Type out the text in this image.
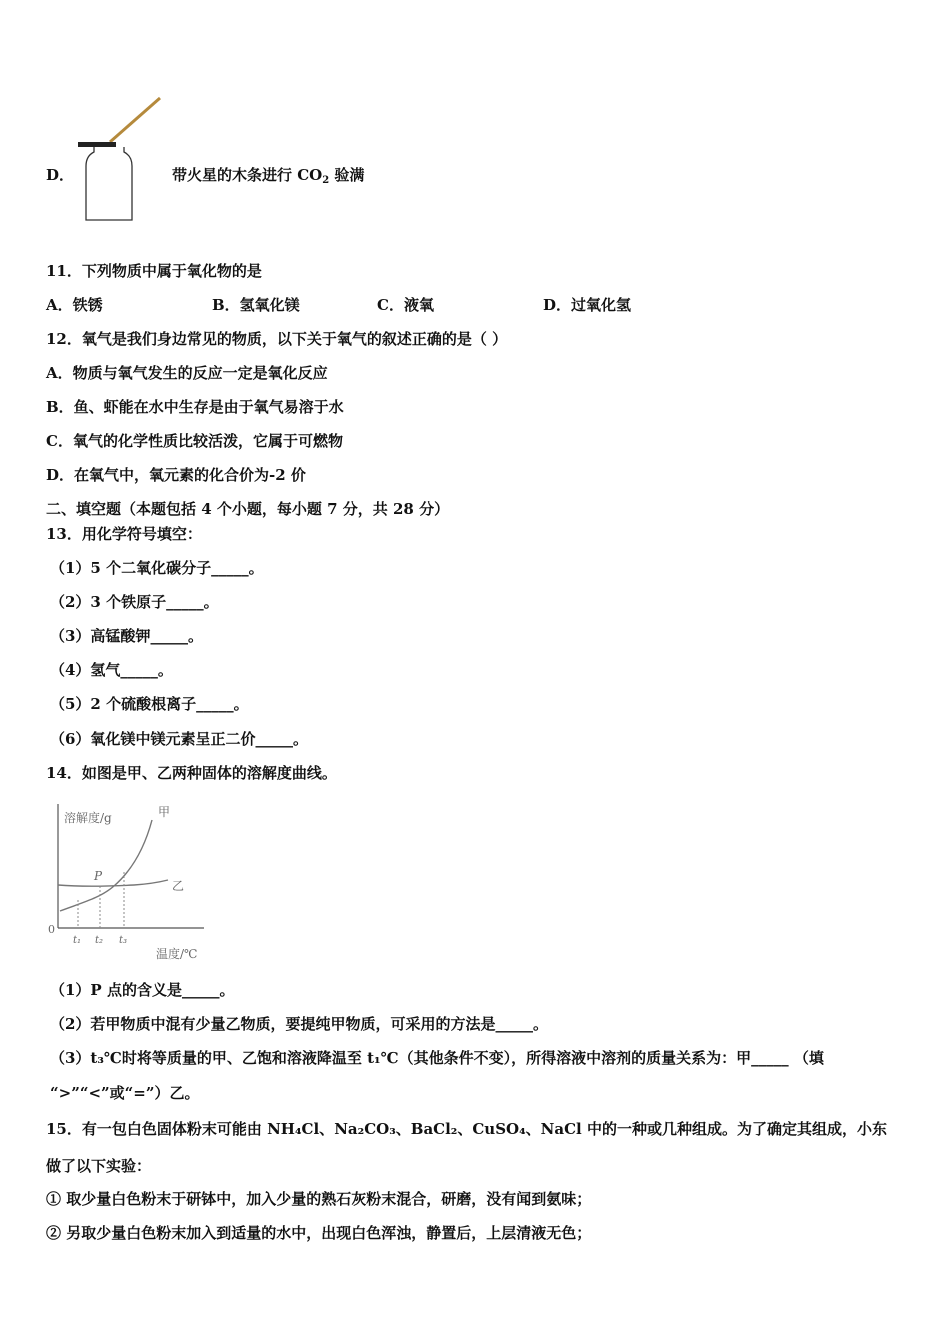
D．	带火星的木条进行 $CO_2$ 验满
11．下列物质中属于氧化物的是
A．铁锈	B．氢氧化镁	C．液氧	D．过氧化氢
12．氧气是我们身边常见的物质，以下关于氧气的叙述正确的是（ ）
A．物质与氧气发生的反应一定是氧化反应
B．鱼、虾能在水中生存是由于氧气易溶于水
C．氧气的化学性质比较活泼，它属于可燃物
D．在氧气中，氧元素的化合价为-2 价
二、填空题（本题包括 4 个小题，每小题 7 分，共 28 分）
13．用化学符号填空：
（1）5 个二氧化碳分子_____。
（2）3 个铁原子_____。
（3）高锰酸钾_____。
（4）氢气_____。
（5）2 个硫酸根离子_____。
（6）氧化镁中镁元素呈正二价_____。
14．如图是甲、乙两种固体的溶解度曲线。
溶解度/g
温度/℃
0
甲
乙
P
t₁ t₂ t₃
（1）P 点的含义是_____。
（2）若甲物质中混有少量乙物质，要提纯甲物质，可采用的方法是_____。
（3）t₃℃时将等质量的甲、乙饱和溶液降温至 t₁℃（其他条件不变），所得溶液中溶剂的质量关系为：甲_____ （填
“>”“<”或“=”）乙。
15．有一包白色固体粉末可能由 NH₄Cl、Na₂CO₃、BaCl₂、CuSO₄、NaCl 中的一种或几种组成。为了确定其组成，小东
做了以下实验：
① 取少量白色粉末于研钵中，加入少量的熟石灰粉末混合，研磨，没有闻到氨味；
② 另取少量白色粉末加入到适量的水中，出现白色浑浊，静置后，上层清液无色；
